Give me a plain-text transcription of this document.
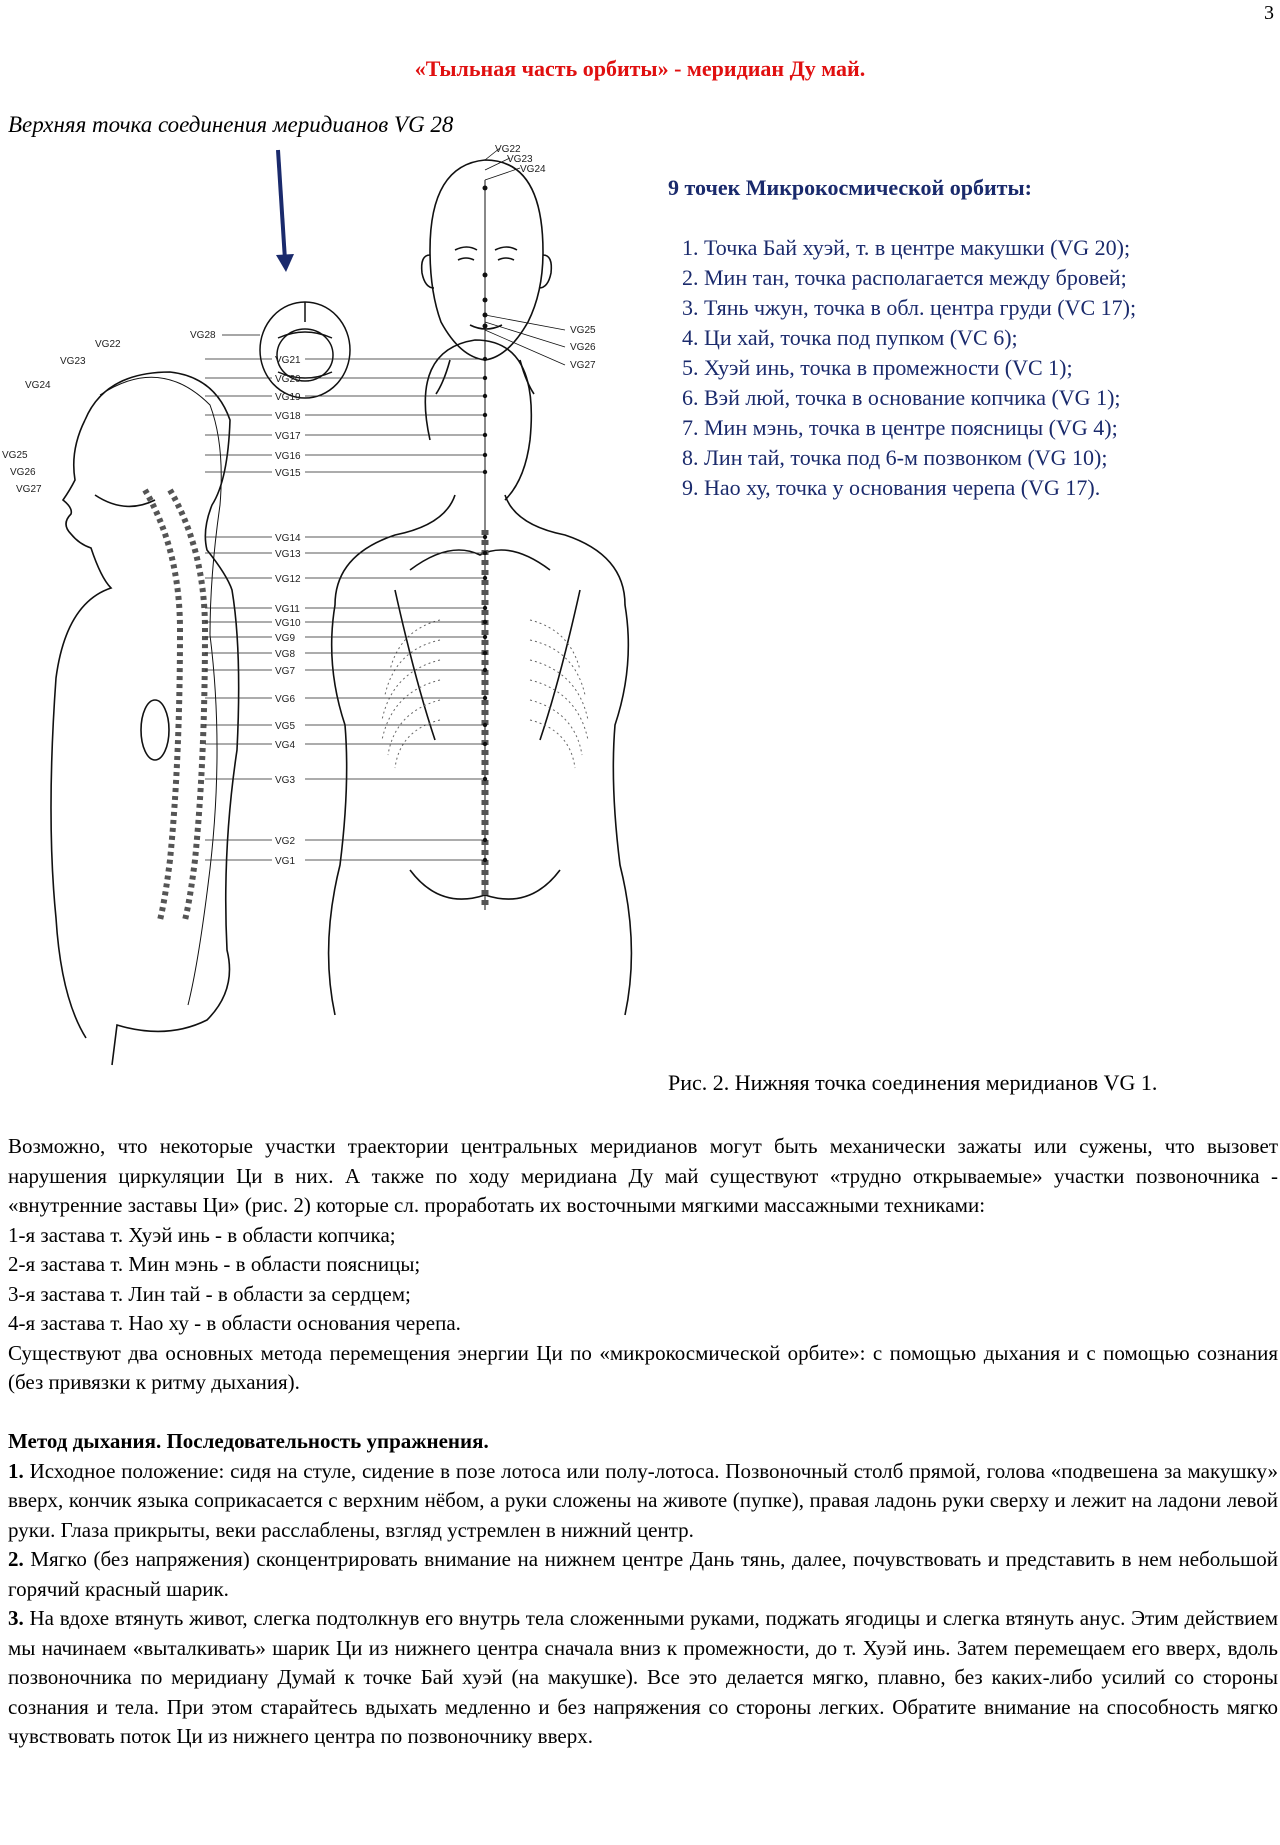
3
«Тыльная часть орбиты» - меридиан Ду май.
Верхняя точка соединения меридианов VG 28
VG22
VG23
VG24
VG25
VG26
VG27
VG28
VG22
VG23
VG24
VG25
VG26
VG27
VG21
VG20
VG19
VG18
VG17
VG16
VG15
VG14
VG13
VG12
VG11
VG10
VG9
VG8
VG7
VG6
VG5
VG4
VG3
VG2
VG1
9 точек Микрокосмической орбиты:
1. Точка Бай хуэй, т. в центре макушки (VG 20);
2. Мин тан, точка располагается между бровей;
3. Тянь чжун, точка в обл. центра груди (VC 17);
4. Ци хай, точка под пупком (VC 6);
5. Хуэй инь, точка в промежности (VC 1);
6. Вэй люй, точка в основание копчика (VG 1);
7. Мин мэнь, точка в центре поясницы (VG 4);
8. Лин тай, точка под 6-м позвонком (VG 10);
9. Нао ху, точка у основания черепа (VG 17).
Рис. 2. Нижняя точка соединения меридианов VG 1.

Возможно, что некоторые участки траектории центральных меридианов могут быть механически зажаты или сужены, что вызовет нарушения циркуляции Ци в них. А также по ходу меридиана Ду май существуют «трудно открываемые» участки позвоночника - «внутренние заставы Ци» (рис. 2) которые сл. проработать их восточными мягкими массажными техниками:

1-я застава т. Хуэй инь - в области копчика;

2-я застава т. Мин мэнь - в области поясницы;

3-я застава т. Лин тай - в области за сердцем;

4-я застава т. Нао ху - в области основания черепа.

Существуют два основных метода перемещения энергии Ци по «микрокосмической орбите»: с помощью дыхания и с помощью сознания (без привязки к ритму дыхания).

Метод дыхания. Последовательность упражнения.

1. Исходное положение: сидя на стуле, сидение в позе лотоса или полу-лотоса. Позвоночный столб прямой, голова «подвешена за макушку» вверх, кончик языка соприкасается с верхним нёбом, а руки сложены на животе (пупке), правая ладонь руки сверху и лежит на ладони левой руки. Глаза прикрыты, веки расслаблены, взгляд устремлен в нижний центр.

2. Мягко (без напряжения) сконцентрировать внимание на нижнем центре Дань тянь, далее, почувствовать и представить в нем небольшой горячий красный шарик.

3. На вдохе втянуть живот, слегка подтолкнув его внутрь тела сложенными руками, поджать ягодицы и слегка втянуть анус. Этим действием мы начинаем «выталкивать» шарик Ци из нижнего центра сначала вниз к промежности, до т. Хуэй инь. Затем перемещаем его вверх, вдоль позвоночника по меридиану Думай к точке Бай хуэй (на макушке). Все это делается мягко, плавно, без каких-либо усилий со стороны сознания и тела. При этом старайтесь вдыхать медленно и без напряжения со стороны легких. Обратите внимание на способность мягко чувствовать поток Ци из нижнего центра по позвоночнику вверх.
